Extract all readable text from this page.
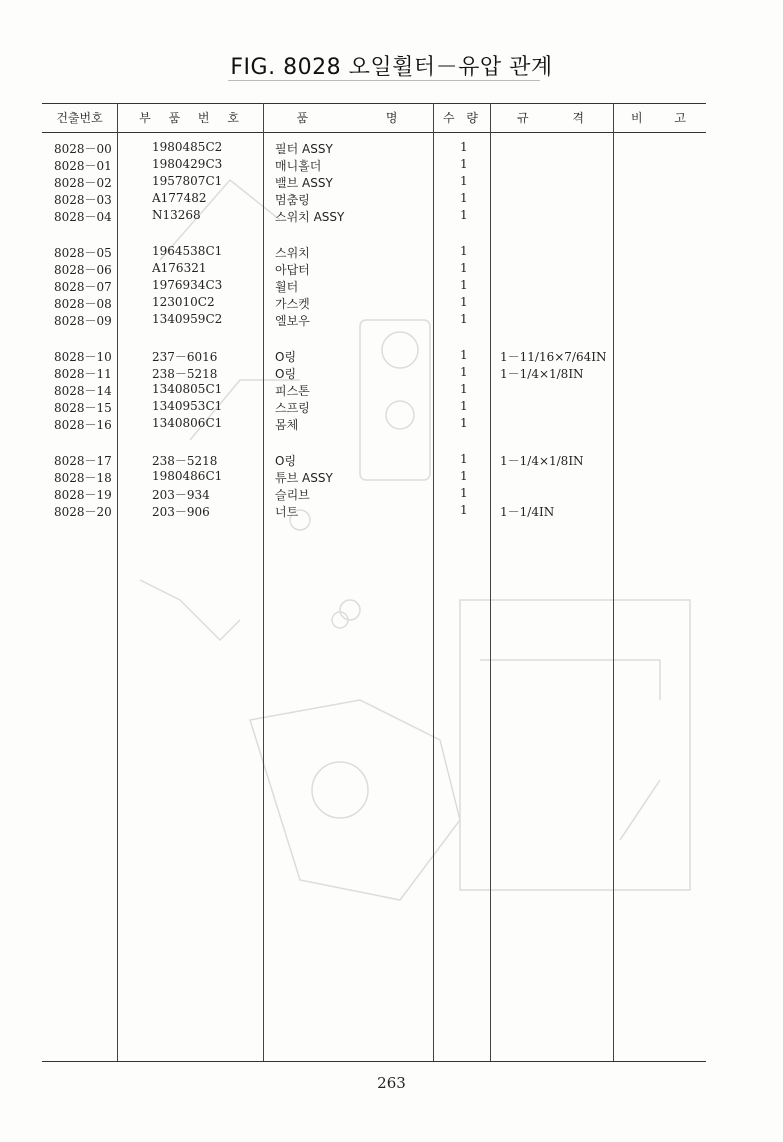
FIG. 8028 오일휠터－유압 관계
건출번호	부 품 번 호	품 명	수 량	규 격	비 고
8028－00	1980485C2	필터 ASSY	1
8028－01	1980429C3	매니홀더	1
8028－02	1957807C1	밸브 ASSY	1
8028－03	A177482	멈춤링	1
8028－04	N13268	스위치 ASSY	1
8028－05	1964538C1	스위치	1
8028－06	A176321	아답터	1
8028－07	1976934C3	휠터	1
8028－08	123010C2	가스켓	1
8028－09	1340959C2	엘보우	1
8028－10	237－6016	O링	1	1－11/16×7/64IN
8028－11	238－5218	O링	1	1－1/4×1/8IN
8028－14	1340805C1	피스톤	1
8028－15	1340953C1	스프링	1
8028－16	1340806C1	몸체	1
8028－17	238－5218	O링	1	1－1/4×1/8IN
8028－18	1980486C1	튜브 ASSY	1
8028－19	203－934	슬리브	1
8028－20	203－906	너트	1	1－1/4IN
263
